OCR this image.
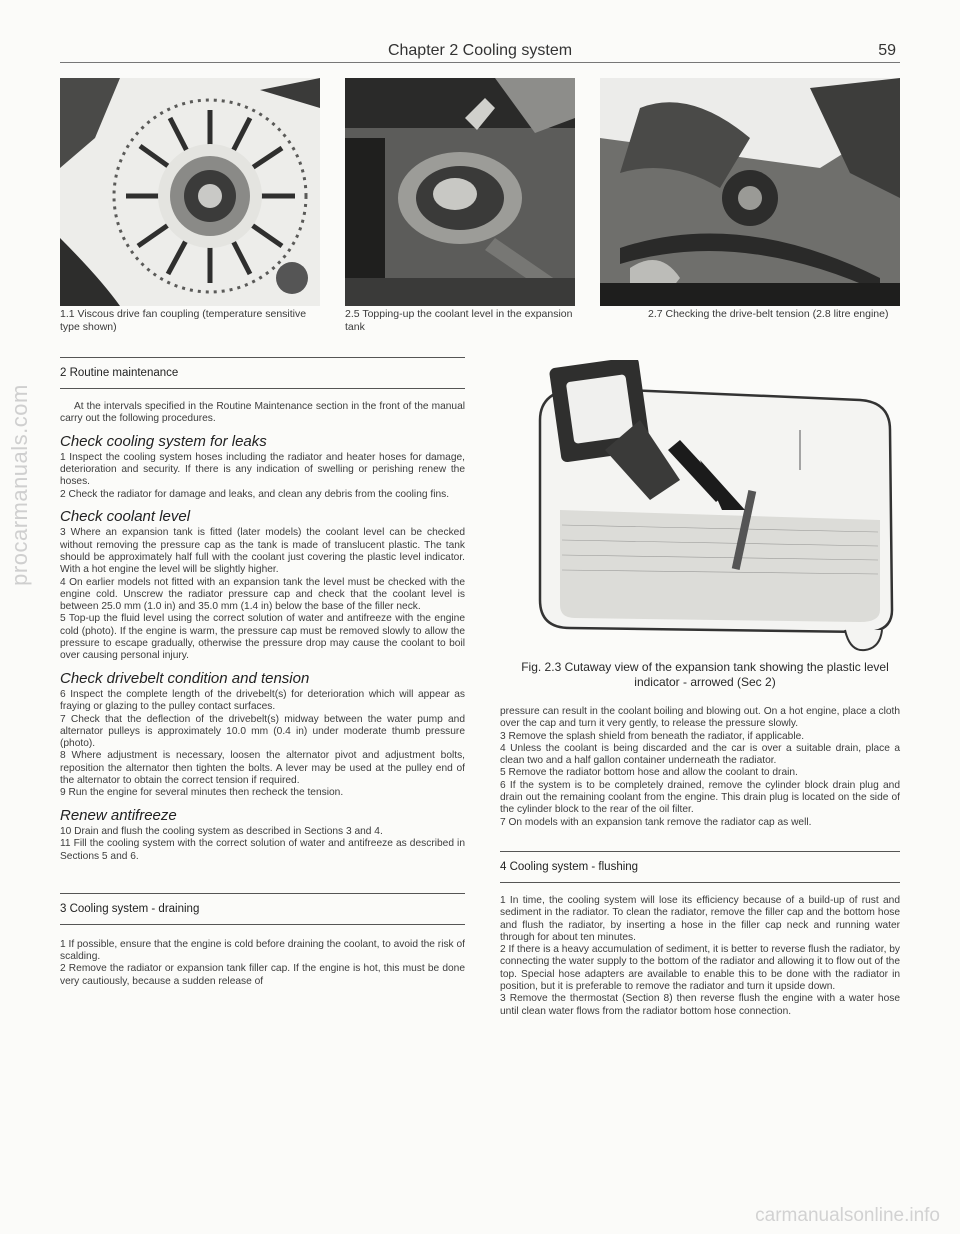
Chapter 2 Cooling system	59
procarmanuals.com
carmanualsonline.info
1.1 Viscous drive fan coupling (temperature sensitive type shown)
2.5 Topping-up the coolant level in the expansion tank
2.7 Checking the drive-belt tension (2.8 litre engine)
2 Routine maintenance

At the intervals specified in the Routine Maintenance section in the front of the manual carry out the following procedures.

Check cooling system for leaks

1 Inspect the cooling system hoses including the radiator and heater hoses for damage, deterioration and security. If there is any indication of swelling or perishing renew the hoses.

2 Check the radiator for damage and leaks, and clean any debris from the cooling fins.

Check coolant level

3 Where an expansion tank is fitted (later models) the coolant level can be checked without removing the pressure cap as the tank is made of translucent plastic. The tank should be approximately half full with the coolant just covering the plastic level indicator. With a hot engine the level will be slightly higher.

4 On earlier models not fitted with an expansion tank the level must be checked with the engine cold. Unscrew the radiator pressure cap and check that the coolant level is between 25.0 mm (1.0 in) and 35.0 mm (1.4 in) below the base of the filler neck.

5 Top-up the fluid level using the correct solution of water and antifreeze with the engine cold (photo). If the engine is warm, the pressure cap must be removed slowly to allow the pressure to escape gradually, otherwise the pressure drop may cause the coolant to boil over causing personal injury.

Check drivebelt condition and tension

6 Inspect the complete length of the drivebelt(s) for deterioration which will appear as fraying or glazing to the pulley contact surfaces.

7 Check that the deflection of the drivebelt(s) midway between the water pump and alternator pulleys is approximately 10.0 mm (0.4 in) under moderate thumb pressure (photo).

8 Where adjustment is necessary, loosen the alternator pivot and adjustment bolts, reposition the alternator then tighten the bolts. A lever may be used at the pulley end of the alternator to obtain the correct tension if required.

9 Run the engine for several minutes then recheck the tension.

Renew antifreeze

10 Drain and flush the cooling system as described in Sections 3 and 4.

11 Fill the cooling system with the correct solution of water and antifreeze as described in Sections 5 and 6.

3 Cooling system - draining

1 If possible, ensure that the engine is cold before draining the coolant, to avoid the risk of scalding.

2 Remove the radiator or expansion tank filler cap. If the engine is hot, this must be done very cautiously, because a sudden release of

Fig. 2.3 Cutaway view of the expansion tank showing the plastic level indicator - arrowed (Sec 2)

pressure can result in the coolant boiling and blowing out. On a hot engine, place a cloth over the cap and turn it very gently, to release the pressure slowly.

3 Remove the splash shield from beneath the radiator, if applicable.

4 Unless the coolant is being discarded and the car is over a suitable drain, place a clean two and a half gallon container underneath the radiator.

5 Remove the radiator bottom hose and allow the coolant to drain.

6 If the system is to be completely drained, remove the cylinder block drain plug and drain out the remaining coolant from the engine. This drain plug is located on the side of the cylinder block to the rear of the oil filter.

7 On models with an expansion tank remove the radiator cap as well.

4 Cooling system - flushing

1 In time, the cooling system will lose its efficiency because of a build-up of rust and sediment in the radiator. To clean the radiator, remove the filler cap and the bottom hose and flush the radiator, by inserting a hose in the filler cap neck and running water through for about ten minutes.

2 If there is a heavy accumulation of sediment, it is better to reverse flush the radiator, by connecting the water supply to the bottom of the radiator and allowing it to flow out of the top. Special hose adapters are available to enable this to be done with the radiator in position, but it is preferable to remove the radiator and turn it upside down.

3 Remove the thermostat (Section 8) then reverse flush the engine with a water hose until clean water flows from the radiator bottom hose connection.
